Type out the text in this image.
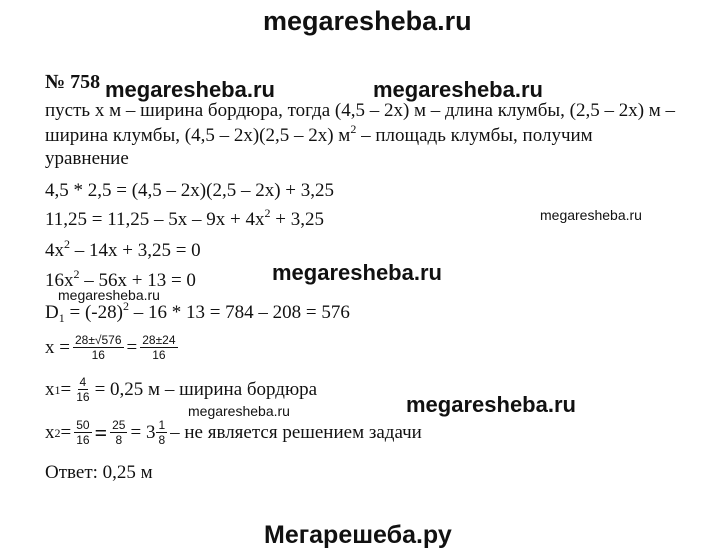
megaresheba.ru
megaresheba.ru	megaresheba.ru
megaresheba.ru
megaresheba.ru
megaresheba.ru
megaresheba.ru
megaresheba.ru
Мегарешеба.ру
№ 758
пусть х м – ширина бордюра, тогда (4,5 – 2х) м – длина клумбы, (2,5 – 2х) м –
ширина клумбы, (4,5 – 2х)(2,5 – 2х) $м^2$ – площадь клумбы, получим
уравнение
4,5 * 2,5 = (4,5 – 2х)(2,5 – 2х) + 3,25
$11,25 = 11,25 - 5х - 9х + 4х^2 + 3,25$
$4х^2 - 14х + 3,25 = 0$
$16х^2 - 56х + 13 = 0$
$D_1 = (-28)^2 - 16 * 13 = 784 - 208 = 576$
$х = \frac{28\pm√576}{16} = \frac{28\pm 24}{16}$
х $1 = \frac{4}{16} = 0,25$ м – ширина бордюра
х $2 = \frac{50}{16} = \frac{25}{8} = 3 \frac{1}{8}$ – не является решением задачи
Ответ: 0,25 м
